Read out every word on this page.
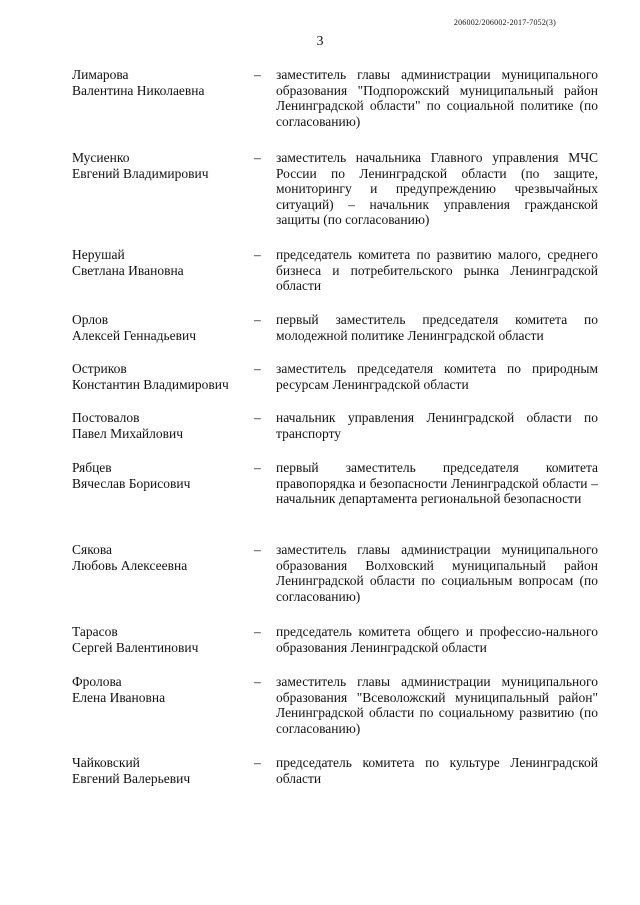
206002/206002-2017-7052(3)
3
Лимарова
Валентина Николаевна
– заместитель главы администрации муниципального образования "Подпорожский муниципальный район Ленинградской области" по социальной политике (по согласованию)
Мусиенко
Евгений Владимирович
– заместитель начальника Главного управления МЧС России по Ленинградской области (по защите, мониторингу и предупреждению чрезвычайных ситуаций) – начальник управления гражданской защиты (по согласованию)
Нерушай
Светлана Ивановна
– председатель комитета по развитию малого, среднего бизнеса и потребительского рынка Ленинградской области
Орлов
Алексей Геннадьевич
– первый заместитель председателя комитета по молодежной политике Ленинградской области
Остриков
Константин Владимирович
– заместитель председателя комитета по природным ресурсам Ленинградской области
Постовалов
Павел Михайлович
– начальник управления Ленинградской области по транспорту
Рябцев
Вячеслав Борисович
– первый заместитель председателя комитета правопорядка и безопасности Ленинградской области – начальник департамента региональной безопасности
Сякова
Любовь Алексеевна
– заместитель главы администрации муниципального образования Волховский муниципальный район Ленинградской области по социальным вопросам (по согласованию)
Тарасов
Сергей Валентинович
– председатель комитета общего и профессио-нального образования Ленинградской области
Фролова
Елена Ивановна
– заместитель главы администрации муниципального образования "Всеволожский муниципальный район" Ленинградской области по социальному развитию (по согласованию)
Чайковский
Евгений Валерьевич
– председатель комитета по культуре Ленинградской области
